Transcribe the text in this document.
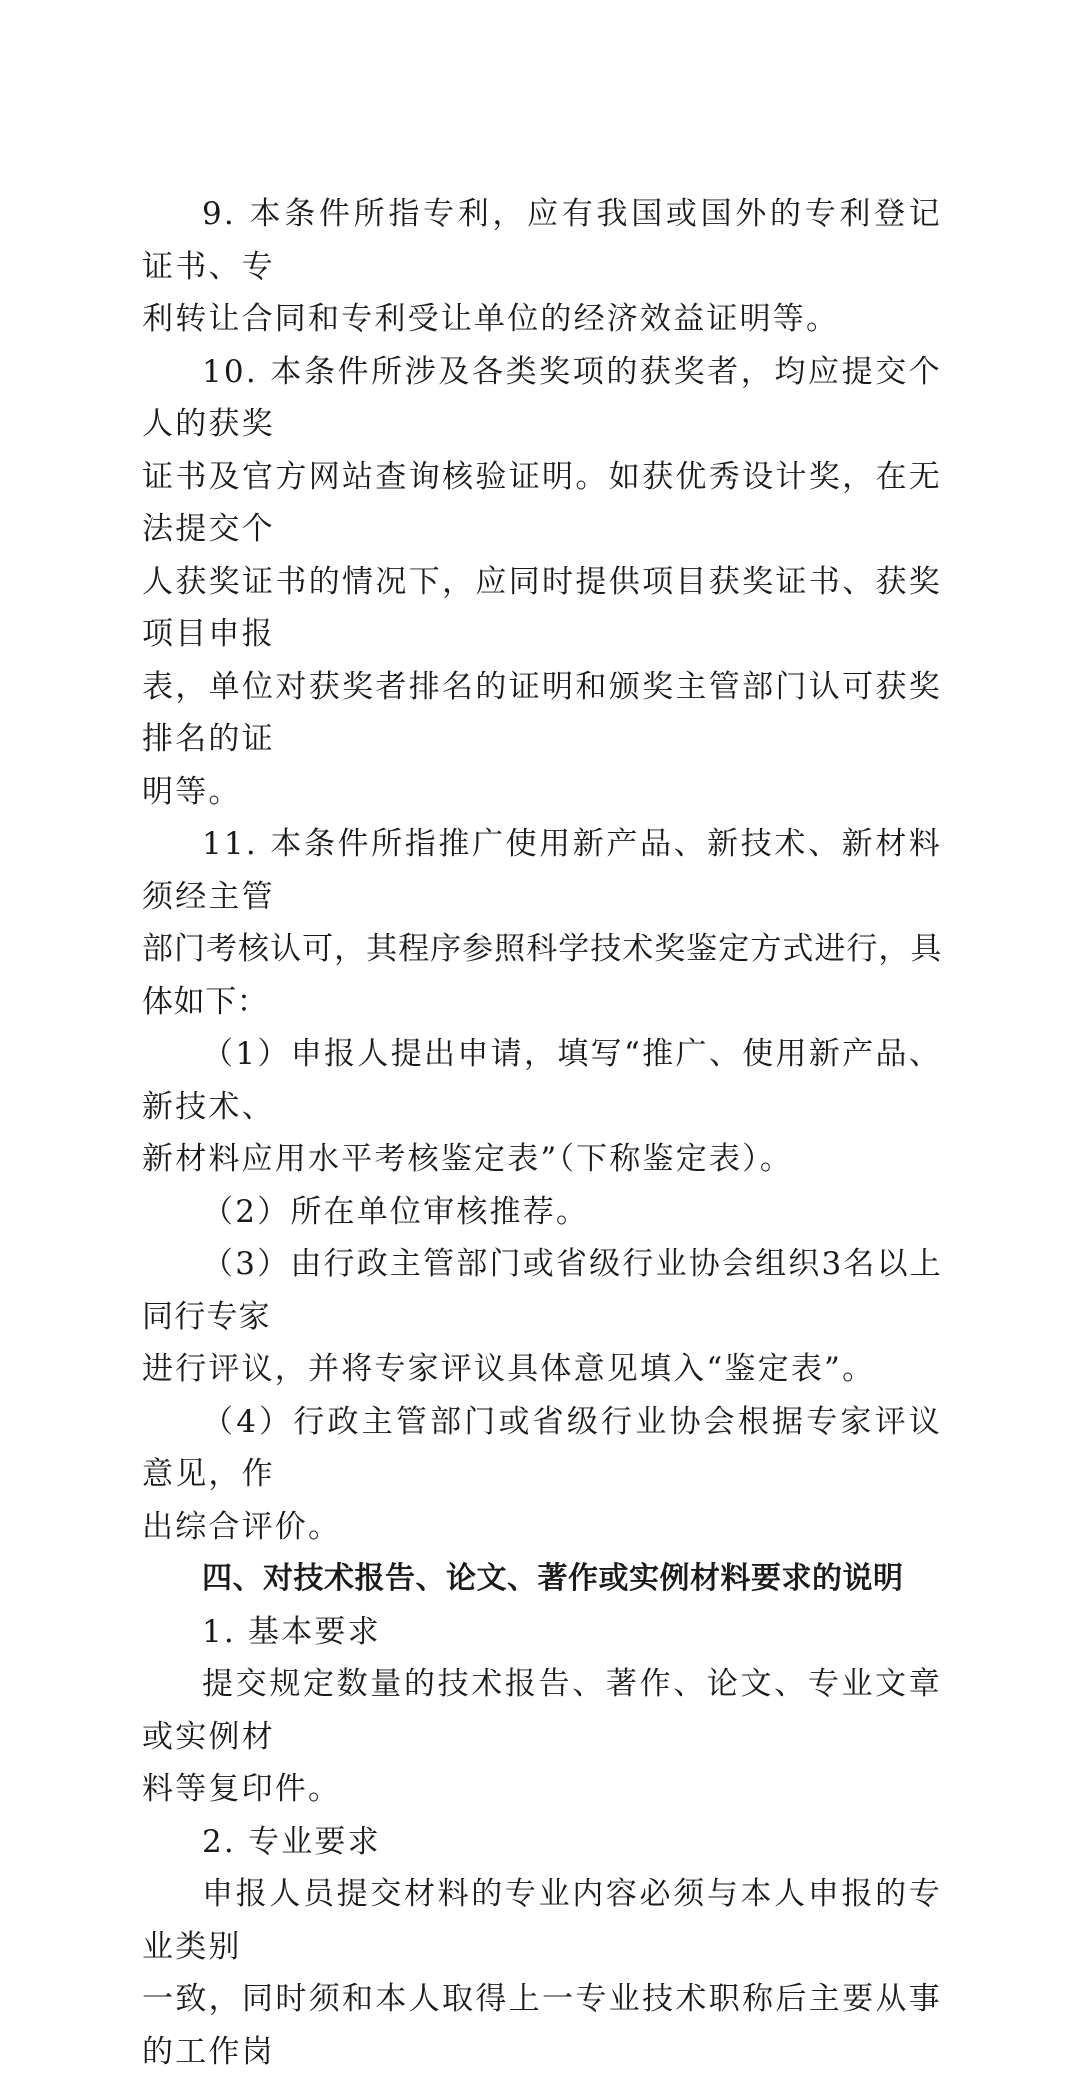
9. 本条件所指专利，应有我国或国外的专利登记证书、专
利转让合同和专利受让单位的经济效益证明等。

10. 本条件所涉及各类奖项的获奖者，均应提交个人的获奖
证书及官方网站查询核验证明。如获优秀设计奖，在无法提交个
人获奖证书的情况下，应同时提供项目获奖证书、获奖项目申报
表，单位对获奖者排名的证明和颁奖主管部门认可获奖排名的证
明等。

11. 本条件所指推广使用新产品、新技术、新材料须经主管
部门考核认可，其程序参照科学技术奖鉴定方式进行，具体如下：

（1）申报人提出申请，填写“推广、使用新产品、新技术、
新材料应用水平考核鉴定表”（下称鉴定表）。

（2）所在单位审核推荐。

（3）由行政主管部门或省级行业协会组织3名以上同行专家
进行评议，并将专家评议具体意见填入“鉴定表”。

（4）行政主管部门或省级行业协会根据专家评议意见，作
出综合评价。

四、对技术报告、论文、著作或实例材料要求的说明

1. 基本要求

提交规定数量的技术报告、著作、论文、专业文章或实例材
料等复印件。

2. 专业要求

申报人员提交材料的专业内容必须与本人申报的专业类别
一致，同时须和本人取得上一专业技术职称后主要从事的工作岗
